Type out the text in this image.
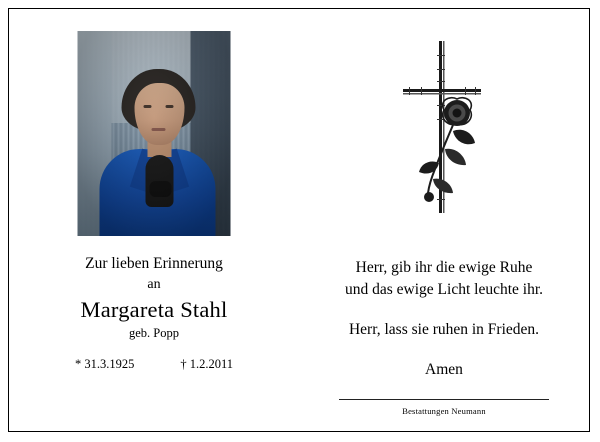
Zur lieben Erinnerung
an
Margareta Stahl
geb. Popp
* 31.3.1925	† 1.2.2011
Herr, gib ihr die ewige Ruhe
und das ewige Licht leuchte ihr.
Herr, lass sie ruhen in Frieden.
Amen
Bestattungen Neumann
